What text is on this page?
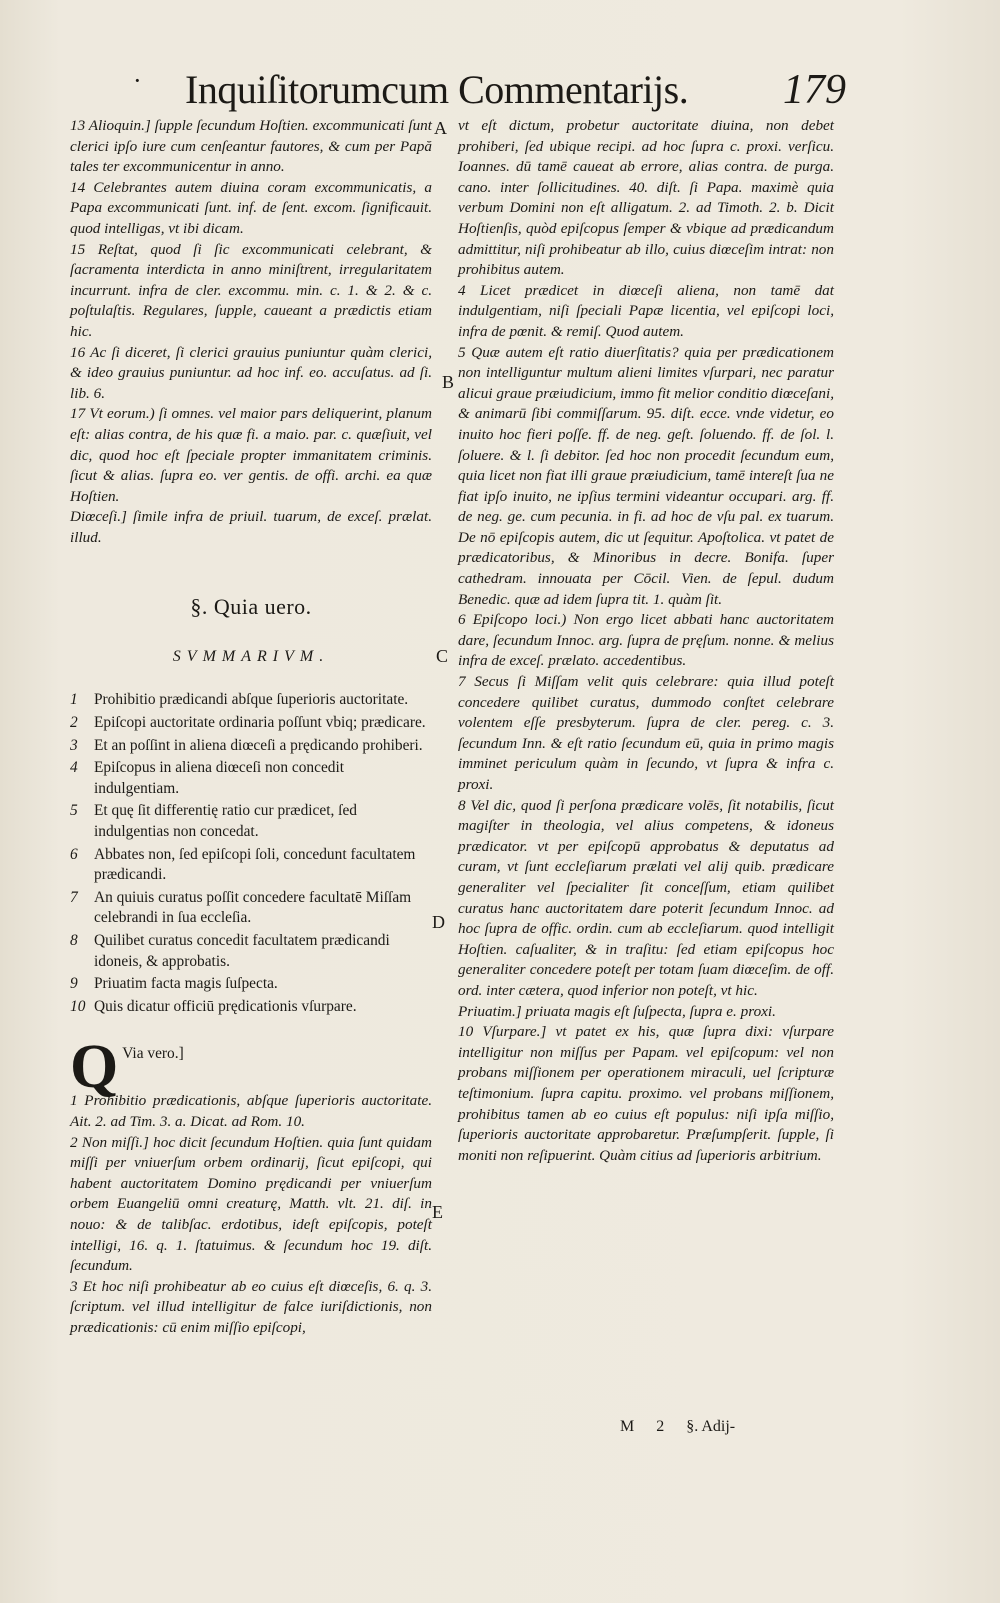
· Inquiſitorumcum Commentarijs. 179

13 Alioquin.] ſupple ſecundum Hoſtien. excommunicati ſunt clerici ipſo iure cum cenſeantur fautores, & cum per Papă tales ter excommunicentur in anno.

14 Celebrantes autem diuina coram excommunicatis, a Papa excommunicati ſunt. inf. de ſent. excom. ſignificauit. quod intelligas, vt ibi dicam.

15 Reſtat, quod ſi ſic excommunicati celebrant, & ſacramenta interdicta in anno miniſtrent, irregularitatem incurrunt. infra de cler. excommu. min. c. 1. & 2. & c. poſtulaſtis. Regulares, ſupple, caueant a prædictis etiam hic.

16 Ac ſi diceret, ſi clerici grauius puniuntur quàm clerici, & ideo grauius puniuntur. ad hoc inf. eo. accuſatus. ad ſi. lib. 6.

17 Vt eorum.) ſi omnes. vel maior pars deliquerint, planum eſt: alias contra, de his quæ fi. a maio. par. c. quæſiuit, vel dic, quod hoc eſt ſpeciale propter immanitatem criminis. ſicut & alias. ſupra eo. ver gentis. de offi. archi. ea quæ Hoſtien.

Diœceſi.] ſimile infra de priuil. tuarum, de exceſ. prælat. illud.

§. Quia uero.
SVMMARIVM.
1	Prohibitio prædicandi abſque ſuperioris auctoritate.
2	Epiſcopi auctoritate ordinaria poſſunt vbiq; prædicare.
3	Et an poſſint in aliena diœceſi a prędicando prohiberi.
4	Epiſcopus in aliena diœceſi non concedit indulgentiam.
5	Et quę ſit differentię ratio cur prædicet, ſed indulgentias non concedat.
6	Abbates non, ſed epiſcopi ſoli, concedunt facultatem prædicandi.
7	An quiuis curatus poſſit concedere facultatē Miſſam celebrandi in ſua eccleſia.
8	Quilibet curatus concedit facultatem prædicandi idoneis, & approbatis.
9	Priuatim facta magis ſuſpecta.
10 Quis dicatur officiū prędicationis vſurpare.
Q Via vero.]

1 Prohibitio prædicationis, abſque ſuperioris auctoritate. Ait. 2. ad Tim. 3. a. Dicat. ad Rom. 10.

2 Non miſſi.] hoc dicit ſecundum Hoſtien. quia ſunt quidam miſſi per vniuerſum orbem ordinarij, ſicut epiſcopi, qui habent auctoritatem Domino prędicandi per vniuerſum orbem Euangeliū omni creaturę, Matth. vlt. 21. diſ. in nouo: & de talibſac. erdotibus, ideſt epiſcopis, poteſt intelligi, 16. q. 1. ſtatuimus. & ſecundum hoc 19. diſt. ſecundum.

3 Et hoc niſi prohibeatur ab eo cuius eſt diœceſis, 6. q. 3. ſcriptum. vel illud intelligitur de falce iuriſdictionis, non prædicationis: cū enim miſſio epiſcopi,

A
B
C
D
E

vt eſt dictum, probetur auctoritate diuina, non debet prohiberi, ſed ubique recipi. ad hoc ſupra c. proxi. verſicu. Ioannes. dū tamē caueat ab errore, alias contra. de purga. cano. inter ſollicitudines. 40. diſt. ſi Papa. maximè quia verbum Domini non eſt alligatum. 2. ad Timoth. 2. b. Dicit Hoſtienſis, quòd epiſcopus ſemper & vbique ad prædicandum admittitur, niſi prohibeatur ab illo, cuius diœceſim intrat: non prohibitus autem.

4 Licet prædicet in diœceſi aliena, non tamē dat indulgentiam, niſi ſpeciali Papæ licentia, vel epiſcopi loci, infra de pœnit. & remiſ. Quod autem.

5 Quæ autem eſt ratio diuerſitatis? quia per prædicationem non intelliguntur multum alieni limites vſurpari, nec paratur alicui graue præiudicium, immo fit melior conditio diœceſani, & animarū ſibi commiſſarum. 95. diſt. ecce. vnde videtur, eo inuito hoc fieri poſſe. ff. de neg. geſt. ſoluendo. ff. de ſol. l. ſoluere. & l. ſi debitor. ſed hoc non procedit ſecundum eum, quia licet non fiat illi graue præiudicium, tamē intereſt ſua ne fiat ipſo inuito, ne ipſius termini videantur occupari. arg. ff. de neg. ge. cum pecunia. in fi. ad hoc de vſu pal. ex tuarum. De nō epiſcopis autem, dic ut ſequitur. Apoſtolica. vt patet de prædicatoribus, & Minoribus in decre. Bonifa. ſuper cathedram. innouata per Cōcil. Vien. de ſepul. dudum Benedic. quæ ad idem ſupra tit. 1. quàm ſit.

6 Epiſcopo loci.) Non ergo licet abbati hanc auctoritatem dare, ſecundum Innoc. arg. ſupra de pręſum. nonne. & melius infra de exceſ. prælato. accedentibus.

7 Secus ſi Miſſam velit quis celebrare: quia illud poteſt concedere quilibet curatus, dummodo conſtet celebrare volentem eſſe presbyterum. ſupra de cler. pereg. c. 3. ſecundum Inn. & eſt ratio ſecundum eū, quia in primo magis imminet periculum quàm in ſecundo, vt ſupra & infra c. proxi.

8 Vel dic, quod ſi perſona prædicare volēs, ſit notabilis, ſicut magiſter in theologia, vel alius competens, & idoneus prædicator. vt per epiſcopū approbatus & deputatus ad curam, vt ſunt eccleſiarum prælati vel alij quib. prædicare generaliter vel ſpecialiter ſit conceſſum, etiam quilibet curatus hanc auctoritatem dare poterit ſecundum Innoc. ad hoc ſupra de offic. ordin. cum ab eccleſiarum. quod intelligit Hoſtien. caſualiter, & in traſitu: ſed etiam epiſcopus hoc generaliter concedere poteſt per totam ſuam diœceſim. de off. ord. inter cætera, quod inferior non poteſt, vt hic.

Priuatim.] priuata magis eſt ſuſpecta, ſupra e. proxi.

10 Vſurpare.] vt patet ex his, quæ ſupra dixi: vſurpare intelligitur non miſſus per Papam. vel epiſcopum: vel non probans miſſionem per operationem miraculi, uel ſcripturæ teſtimonium. ſupra capitu. proximo. vel probans miſſionem, prohibitus tamen ab eo cuius eſt populus: niſi ipſa miſſio, ſuperioris auctoritate approbaretur. Præſumpſerit. ſupple, ſi moniti non reſipuerint. Quàm citius ad ſuperioris arbitrium.

M 2 §. Adij-
